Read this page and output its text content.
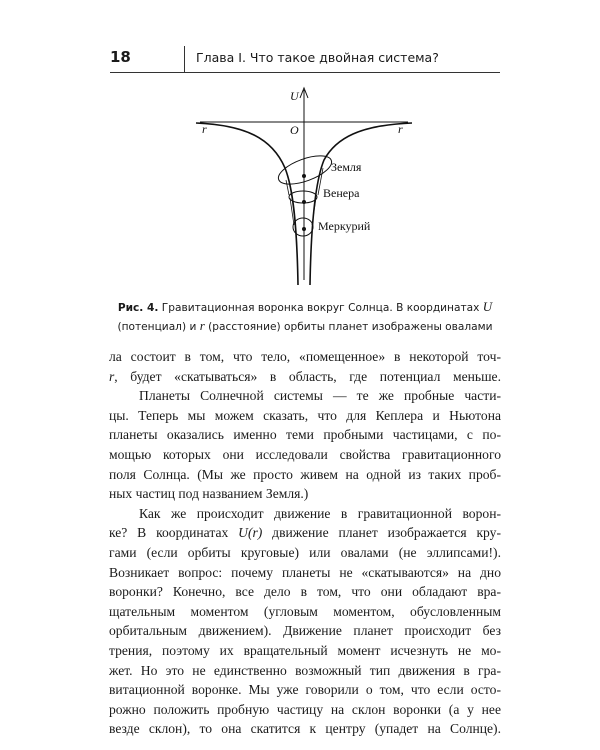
18	Глава I. Что такое двойная система?
U
r	r
O
Земля
Венера
Меркурий
Рис. 4. Гравитационная воронка вокруг Солнца. В координатах U
(потенциал) и r (расстояние) орбиты планет изображены овалами
ла состоит в том, что тело, «помещенное» в некоторой точ-
r, будет «скатываться» в область, где потенциал меньше.
Планеты Солнечной системы — те же пробные части-
цы. Теперь мы можем сказать, что для Кеплера и Ньютона
планеты оказались именно теми пробными частицами, с по-
мощью которых они исследовали свойства гравитационного
поля Солнца. (Мы же просто живем на одной из таких проб-
ных частиц под названием Земля.)
Как же происходит движение в гравитационной ворон-
ке? В координатах U(r) движение планет изображается кру-
гами (если орбиты круговые) или овалами (не эллипсами!).
Возникает вопрос: почему планеты не «скатываются» на дно
воронки? Конечно, все дело в том, что они обладают вра-
щательным моментом (угловым моментом, обусловленным
орбитальным движением). Движение планет происходит без
трения, поэтому их вращательный момент исчезнуть не мо-
жет. Но это не единственно возможный тип движения в гра-
витационной воронке. Мы уже говорили о том, что если осто-
рожно положить пробную частицу на склон воронки (а у нее
везде склон), то она скатится к центру (упадет на Солнце).
